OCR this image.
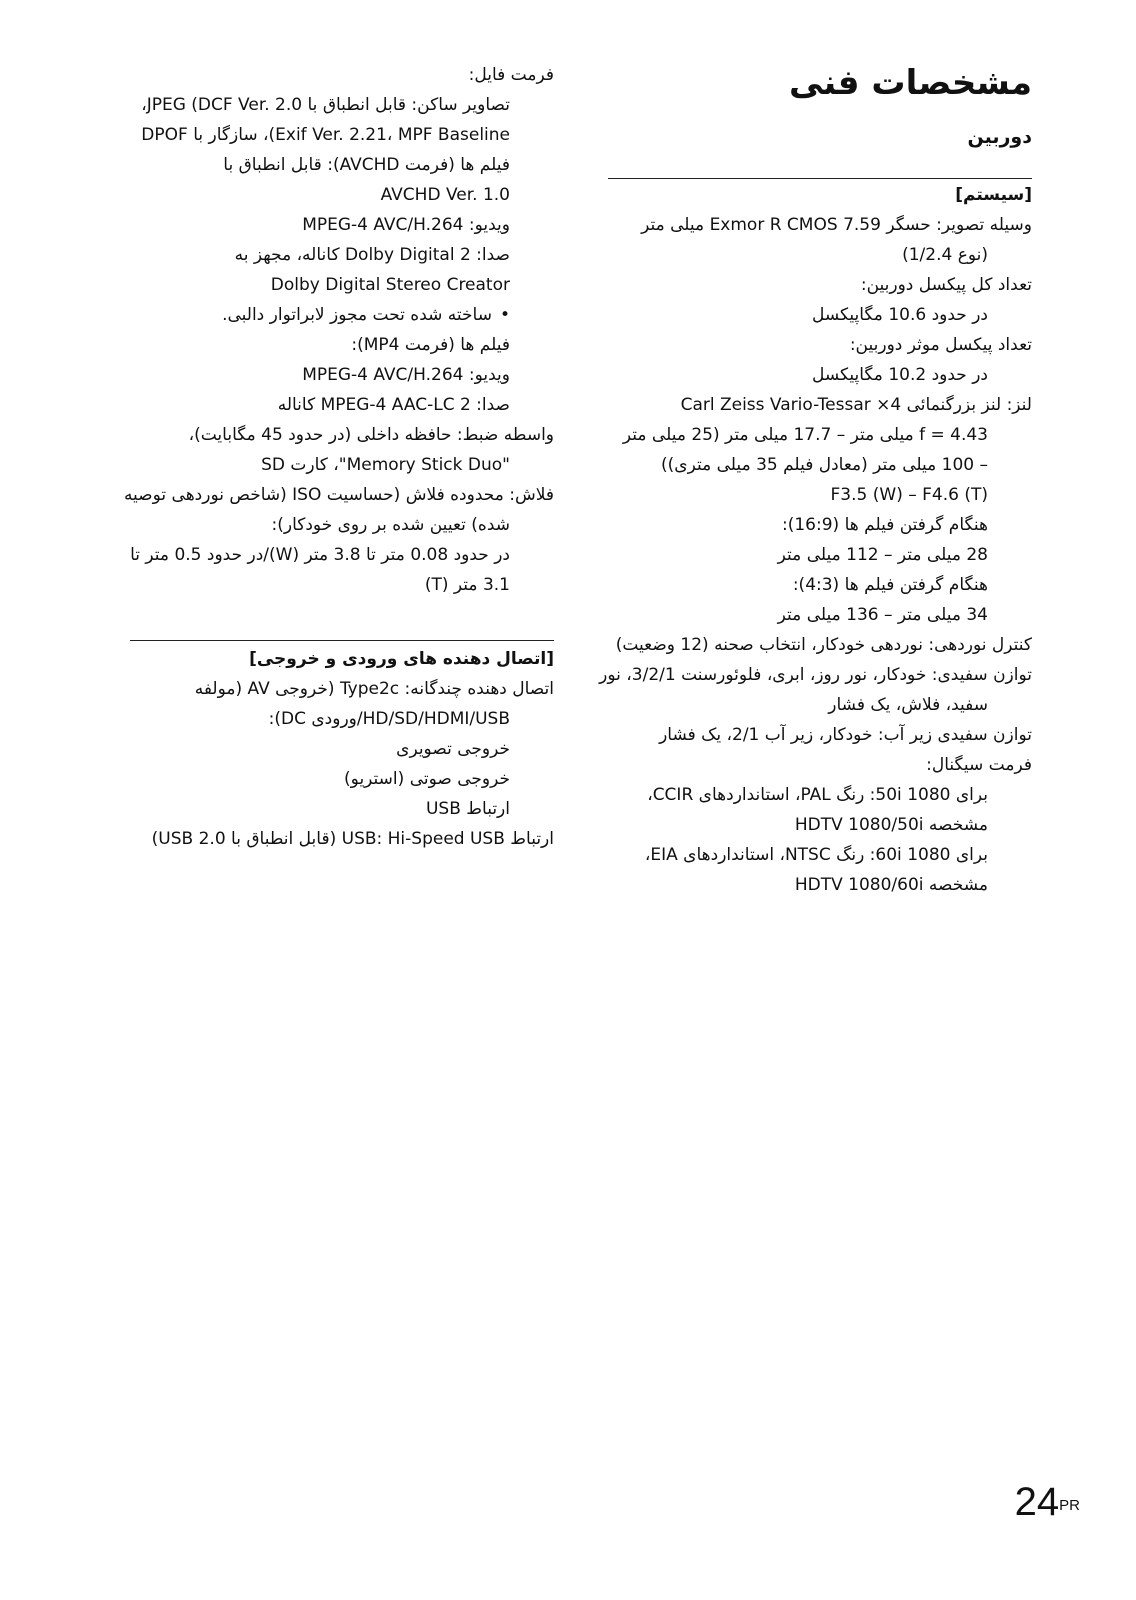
مشخصات فنی
دوربین
[سیستم]
وسیله تصویر: حسگر 7.59 Exmor R CMOS میلی متر
(نوع 1/2.4)
تعداد کل پیکسل دوربین:
در حدود 10.6 مگاپیکسل
تعداد پیکسل موثر دوربین:
در حدود 10.2 مگاپیکسل
لنز: لنز بزرگنمائی 4× Carl Zeiss Vario-Tessar
f = 4.43 میلی متر – 17.7 میلی متر (25 میلی متر
– 100 میلی متر (معادل فیلم 35 میلی متری))
F3.5 (W) – F4.6 (T)
هنگام گرفتن فیلم ها (16:9):
28 میلی متر – 112 میلی متر
هنگام گرفتن فیلم ها (4:3):
34 میلی متر – 136 میلی متر
کنترل نوردهی: نوردهی خودکار، انتخاب صحنه (12 وضعیت)
توازن سفیدی: خودکار، نور روز، ابری، فلوئورسنت 3/2/1، نور
سفید، فلاش، یک فشار
توازن سفیدی زیر آب: خودکار، زیر آب 2/1، یک فشار
فرمت سیگنال:
برای 1080 50i: رنگ PAL، استانداردهای CCIR،
مشخصه HDTV 1080/50i
برای 1080 60i: رنگ NTSC، استانداردهای EIA،
مشخصه HDTV 1080/60i
فرمت فایل:
تصاویر ساکن: قابل انطباق با JPEG (DCF Ver. 2.0،
Exif Ver. 2.21، MPF Baseline)، سازگار با DPOF
فیلم ها (فرمت AVCHD): قابل انطباق با
AVCHD Ver. 1.0
ویدیو: MPEG-4 AVC/H.264
صدا: Dolby Digital 2 کاناله، مجهز به
Dolby Digital Stereo Creator
•ساخته شده تحت مجوز لابراتوار دالبی.
فیلم ها (فرمت MP4):
ویدیو: MPEG-4 AVC/H.264
صدا: MPEG-4 AAC-LC 2 کاناله
واسطه ضبط: حافظه داخلی (در حدود 45 مگابایت)،
"Memory Stick Duo"، کارت SD
فلاش: محدوده فلاش (حساسیت ISO (شاخص نوردهی توصیه
شده) تعیین شده بر روی خودکار):
در حدود 0.08 متر تا 3.8 متر (W)/در حدود 0.5 متر تا
3.1 متر (T)
[اتصال دهنده های ورودی و خروجی]
اتصال دهنده چندگانه: Type2c (خروجی AV (مولفه
HD/SD/HDMI/USB/ورودی DC):
خروجی تصویری
خروجی صوتی (استریو)
ارتباط USB
ارتباط USB: Hi-Speed USB (قابل انطباق با USB 2.0)
$24^{PR}$
